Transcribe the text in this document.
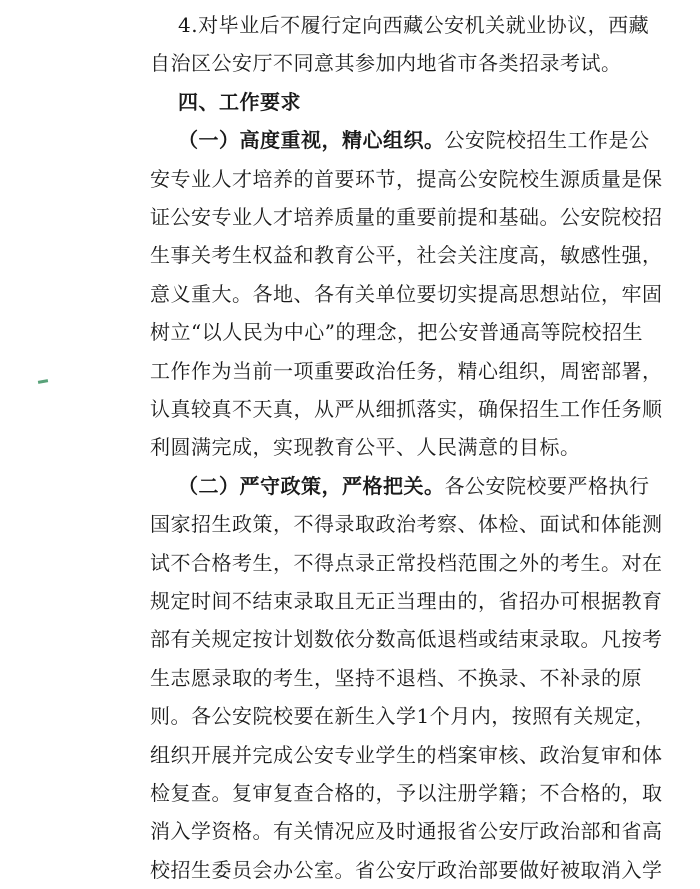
4.对毕业后不履行定向西藏公安机关就业协议，西藏
自治区公安厅不同意其参加内地省市各类招录考试。
四、工作要求
（一）高度重视，精心组织。公安院校招生工作是公
安专业人才培养的首要环节，提高公安院校生源质量是保
证公安专业人才培养质量的重要前提和基础。公安院校招
生事关考生权益和教育公平，社会关注度高，敏感性强，
意义重大。各地、各有关单位要切实提高思想站位，牢固
树立“以人民为中心”的理念，把公安普通高等院校招生
工作作为当前一项重要政治任务，精心组织，周密部署，
认真较真不天真，从严从细抓落实，确保招生工作任务顺
利圆满完成，实现教育公平、人民满意的目标。
（二）严守政策，严格把关。各公安院校要严格执行
国家招生政策，不得录取政治考察、体检、面试和体能测
试不合格考生，不得点录正常投档范围之外的考生。对在
规定时间不结束录取且无正当理由的，省招办可根据教育
部有关规定按计划数依分数高低退档或结束录取。凡按考
生志愿录取的考生，坚持不退档、不换录、不补录的原
则。各公安院校要在新生入学1个月内，按照有关规定，
组织开展并完成公安专业学生的档案审核、政治复审和体
检复查。复审复查合格的，予以注册学籍；不合格的，取
消入学资格。有关情况应及时通报省公安厅政治部和省高
校招生委员会办公室。省公安厅政治部要做好被取消入学
